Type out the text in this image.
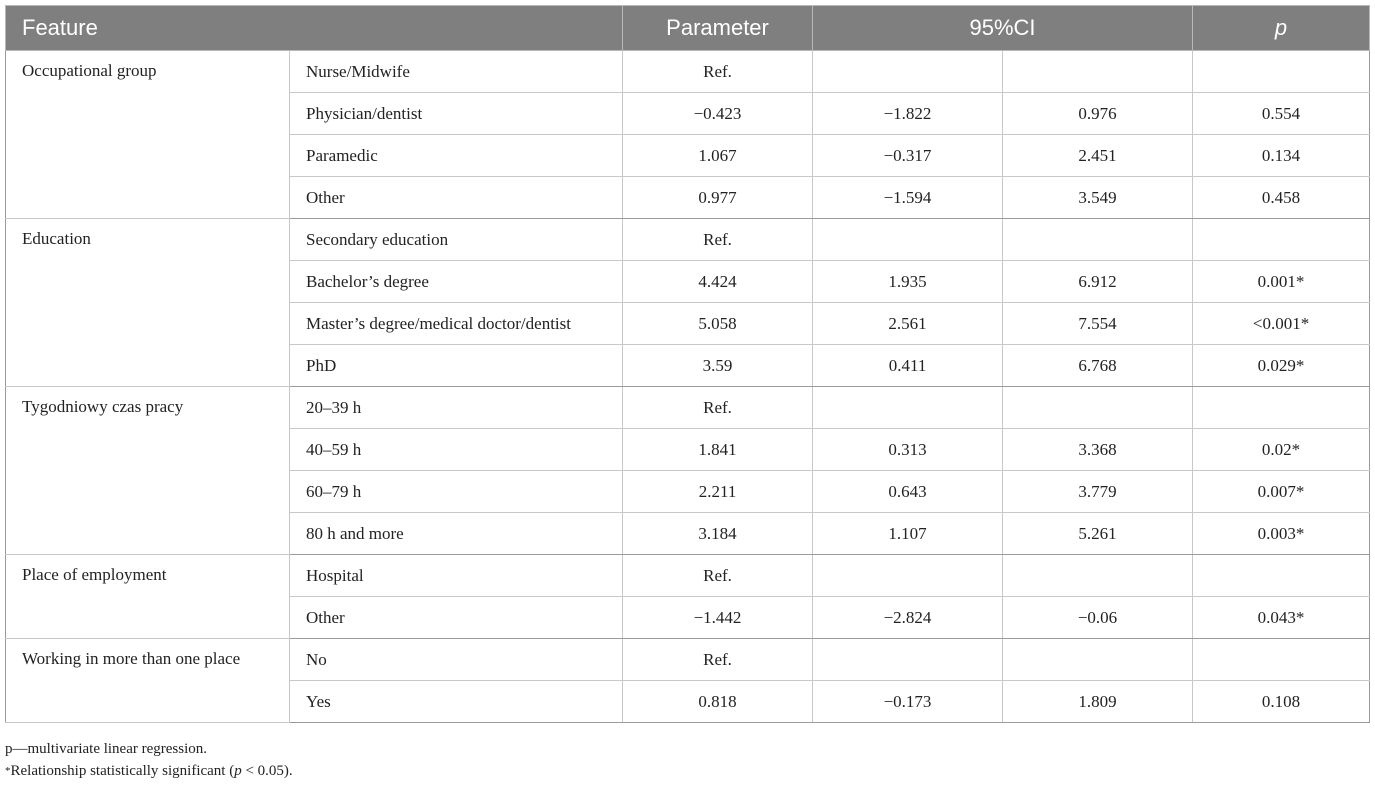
Feature		Parameter	95%CI		p
Occupational group	Nurse/Midwife	Ref.			
	Physician/dentist	−0.423	−1.822	0.976	0.554
	Paramedic	1.067	−0.317	2.451	0.134
	Other	0.977	−1.594	3.549	0.458
Education	Secondary education	Ref.			
	Bachelor’s degree	4.424	1.935	6.912	0.001*
	Master’s degree/medical doctor/dentist	5.058	2.561	7.554	<0.001*
	PhD	3.59	0.411	6.768	0.029*
Tygodniowy czas pracy	20–39 h	Ref.			
	40–59 h	1.841	0.313	3.368	0.02*
	60–79 h	2.211	0.643	3.779	0.007*
	80 h and more	3.184	1.107	5.261	0.003*
Place of employment	Hospital	Ref.			
	Other	−1.442	−2.824	−0.06	0.043*
Working in more than one place	No	Ref.			
	Yes	0.818	−0.173	1.809	0.108

p—multivariate linear regression.

*Relationship statistically significant (p < 0.05).
